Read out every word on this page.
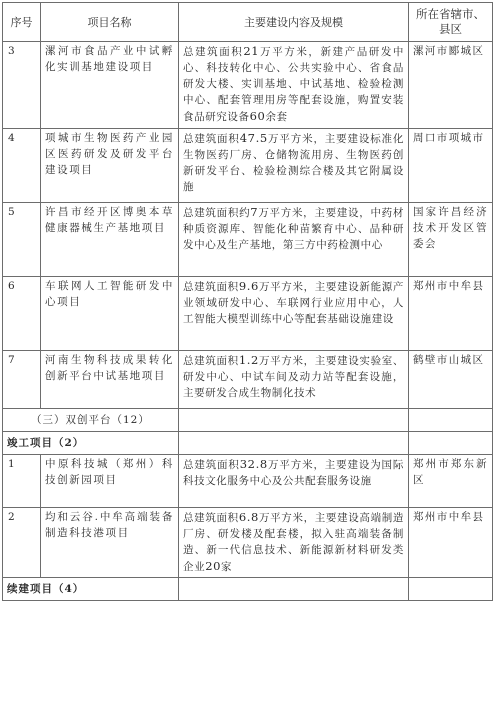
序号	项目名称	主要建设内容及规模	所在省辖市、县区
3	漯河市食品产业中试孵化实训基地建设项目	总建筑面积21万平方米，新建产品研发中心、科技转化中心、公共实验中心、省食品研发大楼、实训基地、中试基地、检验检测中心、配套管理用房等配套设施，购置安装食品研究设备60余套	漯河市郾城区
4	项城市生物医药产业园区医药研发及研发平台建设项目	总建筑面积47.5万平方米，主要建设标准化生物医药厂房、仓储物流用房、生物医药创新研发平台、检验检测综合楼及其它附属设施	周口市项城市
5	许昌市经开区博奥本草健康器械生产基地项目	总建筑面积约7万平方米，主要建设，中药材种质资源库、智能化种苗繁育中心、品种研发中心及生产基地，第三方中药检测中心	国家许昌经济技术开发区管委会
6	车联网人工智能研发中心项目	总建筑面积9.6万平方米，主要建设新能源产业领域研发中心、车联网行业应用中心，人工智能大模型训练中心等配套基础设施建设	郑州市中牟县
7	河南生物科技成果转化创新平台中试基地项目	总建筑面积1.2万平方米，主要建设实验室、研发中心、中试车间及动力站等配套设施，主要研发合成生物制化技术	鹤壁市山城区
（三）双创平台（12）			
竣工项目（2）			
1	中原科技城（郑州）科技创新园项目	总建筑面积32.8万平方米，主要建设为国际科技文化服务中心及公共配套服务设施	郑州市郑东新区
2	均和云谷.中牟高端装备制造科技港项目	总建筑面积6.8万平方米，主要建设高端制造厂房、研发楼及配套楼，拟入驻高端装备制造、新一代信息技术、新能源新材料研发类企业20家	郑州市中牟县
续建项目（4）			
